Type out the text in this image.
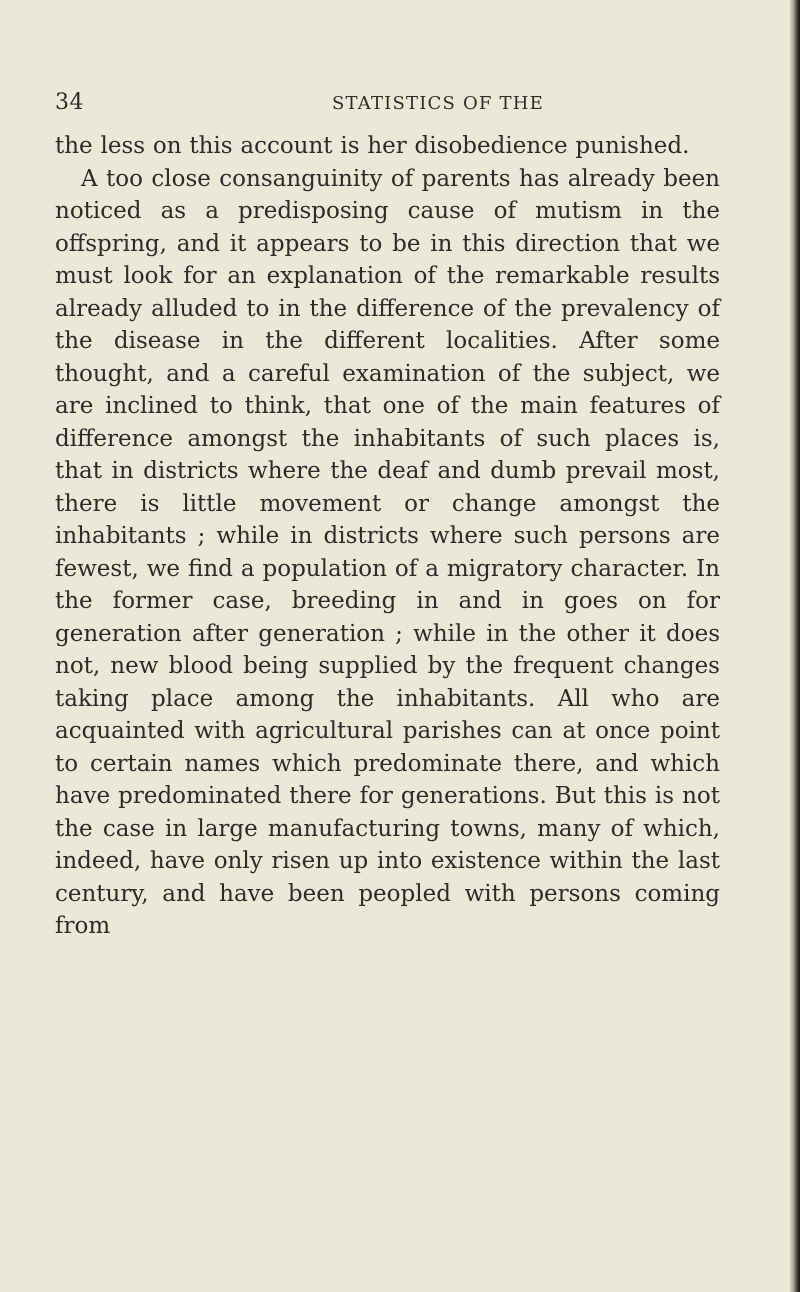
34	STATISTICS OF THE

the less on this account is her disobedience punished.

A too close consanguinity of parents has already been noticed as a predisposing cause of mutism in the offspring, and it appears to be in this direction that we must look for an explanation of the remarkable results already alluded to in the difference of the prevalency of the disease in the different localities. After some thought, and a careful examination of the subject, we are inclined to think, that one of the main features of difference amongst the inhabitants of such places is, that in districts where the deaf and dumb prevail most, there is little movement or change amongst the inhabitants ; while in districts where such persons are fewest, we find a population of a migratory character. In the former case, breeding in and in goes on for generation after generation ; while in the other it does not, new blood being supplied by the frequent changes taking place among the inhabitants. All who are acquainted with agricultural parishes can at once point to certain names which predominate there, and which have predominated there for generations. But this is not the case in large manufacturing towns, many of which, indeed, have only risen up into existence within the last century, and have been peopled with persons coming from
